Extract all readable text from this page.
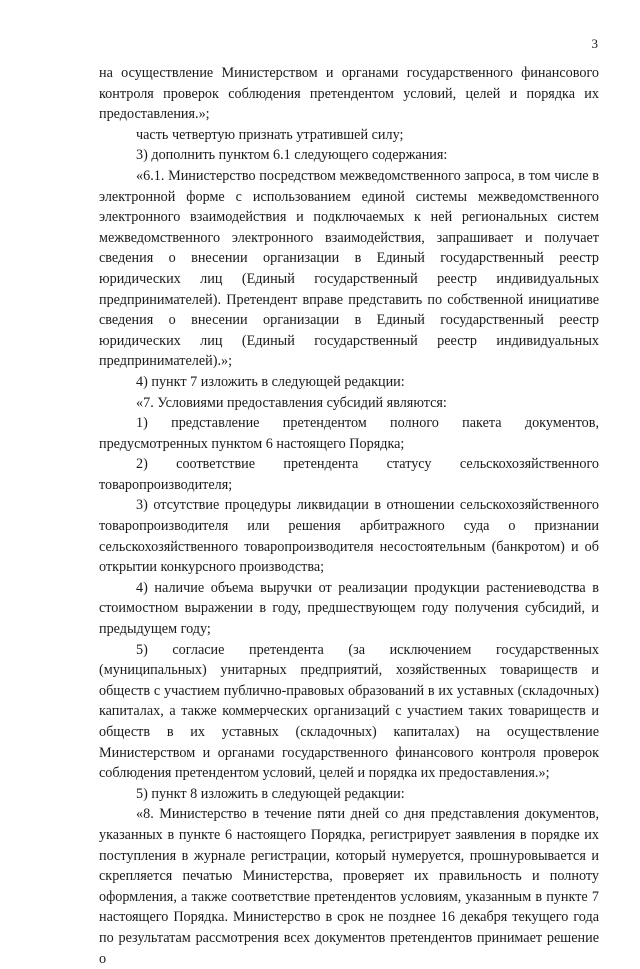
3

на осуществление Министерством и органами государственного финансового контроля проверок соблюдения претендентом условий, целей и порядка их предоставления.»;

часть четвертую признать утратившей силу;

3) дополнить пунктом 6.1 следующего содержания:

«6.1. Министерство посредством межведомственного запроса, в том числе в электронной форме с использованием единой системы межведомственного электронного взаимодействия и подключаемых к ней региональных систем межведомственного электронного взаимодействия, запрашивает и получает сведения о внесении организации в Единый государственный реестр юридических лиц (Единый государственный реестр индивидуальных предпринимателей). Претендент вправе представить по собственной инициативе сведения о внесении организации в Единый государственный реестр юридических лиц (Единый государственный реестр индивидуальных предпринимателей).»;

4) пункт 7 изложить в следующей редакции:

«7. Условиями предоставления субсидий являются:

1) представление претендентом полного пакета документов, предусмотренных пунктом 6 настоящего Порядка;

2) соответствие претендента статусу сельскохозяйственного товаропроизводителя;

3) отсутствие процедуры ликвидации в отношении сельскохозяйственного товаропроизводителя или решения арбитражного суда о признании сельскохозяйственного товаропроизводителя несостоятельным (банкротом) и об открытии конкурсного производства;

4) наличие объема выручки от реализации продукции растениеводства в стоимостном выражении в году, предшествующем году получения субсидий, и предыдущем году;

5) согласие претендента (за исключением государственных (муниципальных) унитарных предприятий, хозяйственных товариществ и обществ с участием публично-правовых образований в их уставных (складочных) капиталах, а также коммерческих организаций с участием таких товариществ и обществ в их уставных (складочных) капиталах) на осуществление Министерством и органами государственного финансового контроля проверок соблюдения претендентом условий, целей и порядка их предоставления.»;

5) пункт 8 изложить в следующей редакции:

«8. Министерство в течение пяти дней со дня представления документов, указанных в пункте 6 настоящего Порядка, регистрирует заявления в порядке их поступления в журнале регистрации, который нумеруется, прошнуровывается и скрепляется печатью Министерства, проверяет их правильность и полноту оформления, а также соответствие претендентов условиям, указанным в пункте 7 настоящего Порядка. Министерство в срок не позднее 16 декабря текущего года по результатам рассмотрения всех документов претендентов принимает решение о
